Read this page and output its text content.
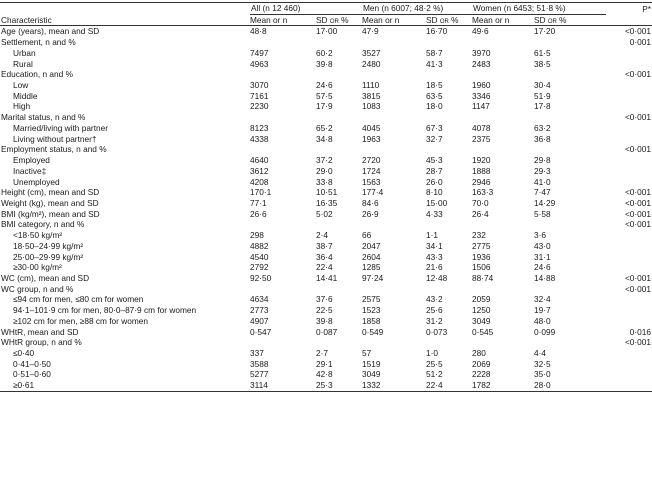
	All (n 12 460)		Men (n 6007; 48·2 %)		Women (n 6453; 51·8 %)		P*
Characteristic	Mean or n	SD or %	Mean or n	SD or %	Mean or n	SD or %	
Age (years), mean and SD	48·8	17·00	47·9	16·70	49·6	17·20	<0·001
Settlement, n and %							0·001
Urban	7497	60·2	3527	58·7	3970	61·5	
Rural	4963	39·8	2480	41·3	2483	38·5	
Education, n and %							<0·001
Low	3070	24·6	1110	18·5	1960	30·4	
Middle	7161	57·5	3815	63·5	3346	51·9	
High	2230	17·9	1083	18·0	1147	17·8	
Marital status, n and %							<0·001
Married/living with partner	8123	65·2	4045	67·3	4078	63·2	
Living without partner†	4338	34·8	1963	32·7	2375	36·8	
Employment status, n and %							<0·001
Employed	4640	37·2	2720	45·3	1920	29·8	
Inactive‡	3612	29·0	1724	28·7	1888	29·3	
Unemployed	4208	33·8	1563	26·0	2946	41·0	
Height (cm), mean and SD	170·1	10·51	177·4	8·10	163·3	7·47	<0·001
Weight (kg), mean and SD	77·1	16·35	84·6	15·00	70·0	14·29	<0·001
BMI (kg/m²), mean and SD	26·6	5·02	26·9	4·33	26·4	5·58	<0·001
BMI category, n and %							<0·001
<18·50 kg/m²	298	2·4	66	1·1	232	3·6	
18·50–24·99 kg/m²	4882	38·7	2047	34·1	2775	43·0	
25·00–29·99 kg/m²	4540	36·4	2604	43·3	1936	31·1	
≥30·00 kg/m²	2792	22·4	1285	21·6	1506	24·6	
WC (cm), mean and SD	92·50	14·41	97·24	12·48	88·74	14·88	<0·001
WC group, n and %							<0·001
≤94 cm for men, ≤80 cm for women	4634	37·6	2575	43·2	2059	32·4	
94·1–101·9 cm for men, 80·0–87·9 cm for women	2773	22·5	1523	25·6	1250	19·7	
≥102 cm for men, ≥88 cm for women	4907	39·8	1858	31·2	3049	48·0	
WHtR, mean and SD	0·547	0·087	0·549	0·073	0·545	0·099	0·016
WHtR group, n and %							<0·001
≤0·40	337	2·7	57	1·0	280	4·4	
0·41–0·50	3588	29·1	1519	25·5	2069	32·5	
0·51–0·60	5277	42·8	3049	51·2	2228	35·0	
≥0·61	3114	25·3	1332	22·4	1782	28·0	
